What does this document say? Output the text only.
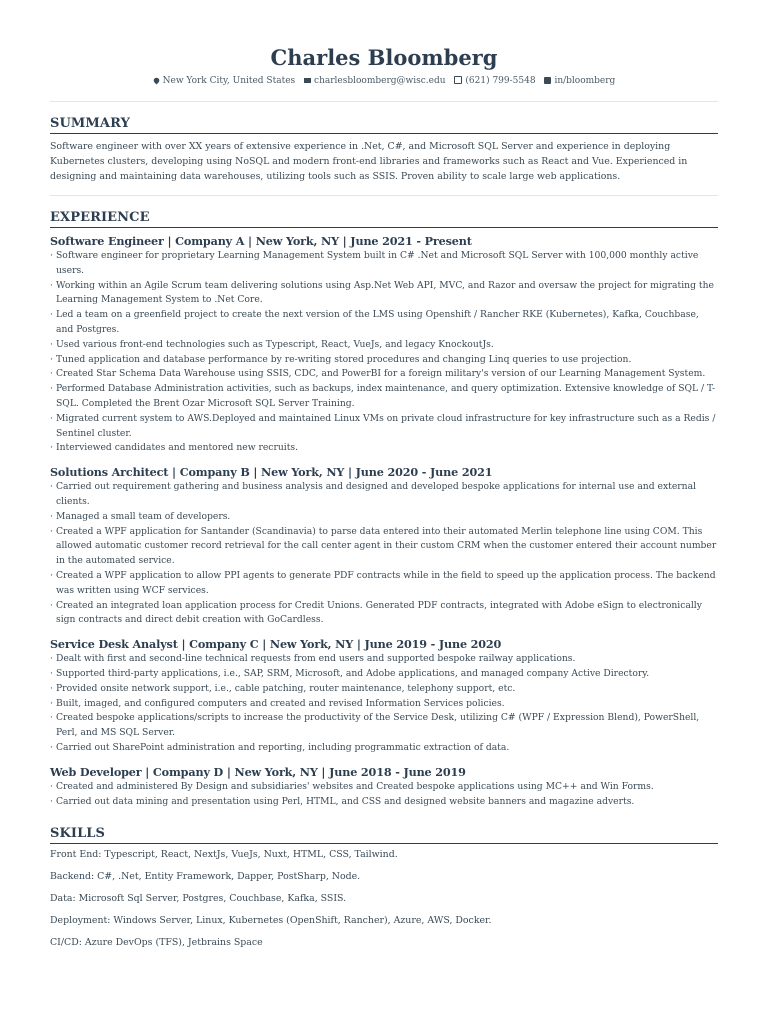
Charles Bloomberg
New York City, United States charlesbloomberg@wisc.edu (621) 799-5548 in/bloomberg
SUMMARY
Software engineer with over XX years of extensive experience in .Net, C#, and Microsoft SQL Server and experience in deploying Kubernetes clusters, developing using NoSQL and modern front-end libraries and frameworks such as React and Vue. Experienced in designing and maintaining data warehouses, utilizing tools such as SSIS. Proven ability to scale large web applications.
EXPERIENCE
Software Engineer | Company A | New York, NY | June 2021 - Present
· Software engineer for proprietary Learning Management System built in C# .Net and Microsoft SQL Server with 100,000 monthly active users.
· Working within an Agile Scrum team delivering solutions using Asp.Net Web API, MVC, and Razor and oversaw the project for migrating the Learning Management System to .Net Core.
· Led a team on a greenfield project to create the next version of the LMS using Openshift / Rancher RKE (Kubernetes), Kafka, Couchbase, and Postgres.
· Used various front-end technologies such as Typescript, React, VueJs, and legacy KnockoutJs.
· Tuned application and database performance by re-writing stored procedures and changing Linq queries to use projection.
· Created Star Schema Data Warehouse using SSIS, CDC, and PowerBI for a foreign military's version of our Learning Management System.
· Performed Database Administration activities, such as backups, index maintenance, and query optimization. Extensive knowledge of SQL / T-SQL. Completed the Brent Ozar Microsoft SQL Server Training.
· Migrated current system to AWS.Deployed and maintained Linux VMs on private cloud infrastructure for key infrastructure such as a Redis / Sentinel cluster.
· Interviewed candidates and mentored new recruits.
Solutions Architect | Company B | New York, NY | June 2020 - June 2021
· Carried out requirement gathering and business analysis and designed and developed bespoke applications for internal use and external clients.
· Managed a small team of developers.
· Created a WPF application for Santander (Scandinavia) to parse data entered into their automated Merlin telephone line using COM. This allowed automatic customer record retrieval for the call center agent in their custom CRM when the customer entered their account number in the automated service.
· Created a WPF application to allow PPI agents to generate PDF contracts while in the field to speed up the application process. The backend was written using WCF services.
· Created an integrated loan application process for Credit Unions. Generated PDF contracts, integrated with Adobe eSign to electronically sign contracts and direct debit creation with GoCardless.
Service Desk Analyst | Company C | New York, NY | June 2019 - June 2020
· Dealt with first and second-line technical requests from end users and supported bespoke railway applications.
· Supported third-party applications, i.e., SAP, SRM, Microsoft, and Adobe applications, and managed company Active Directory.
· Provided onsite network support, i.e., cable patching, router maintenance, telephony support, etc.
· Built, imaged, and configured computers and created and revised Information Services policies.
· Created bespoke applications/scripts to increase the productivity of the Service Desk, utilizing C# (WPF / Expression Blend), PowerShell, Perl, and MS SQL Server.
· Carried out SharePoint administration and reporting, including programmatic extraction of data.
Web Developer | Company D | New York, NY | June 2018 - June 2019
· Created and administered By Design and subsidiaries' websites and Created bespoke applications using MC++ and Win Forms.
· Carried out data mining and presentation using Perl, HTML, and CSS and designed website banners and magazine adverts.
SKILLS
Front End: Typescript, React, NextJs, VueJs, Nuxt, HTML, CSS, Tailwind.
Backend: C#, .Net, Entity Framework, Dapper, PostSharp, Node.
Data: Microsoft Sql Server, Postgres, Couchbase, Kafka, SSIS.
Deployment: Windows Server, Linux, Kubernetes (OpenShift, Rancher), Azure, AWS, Docker.
CI/CD: Azure DevOps (TFS), Jetbrains Space
